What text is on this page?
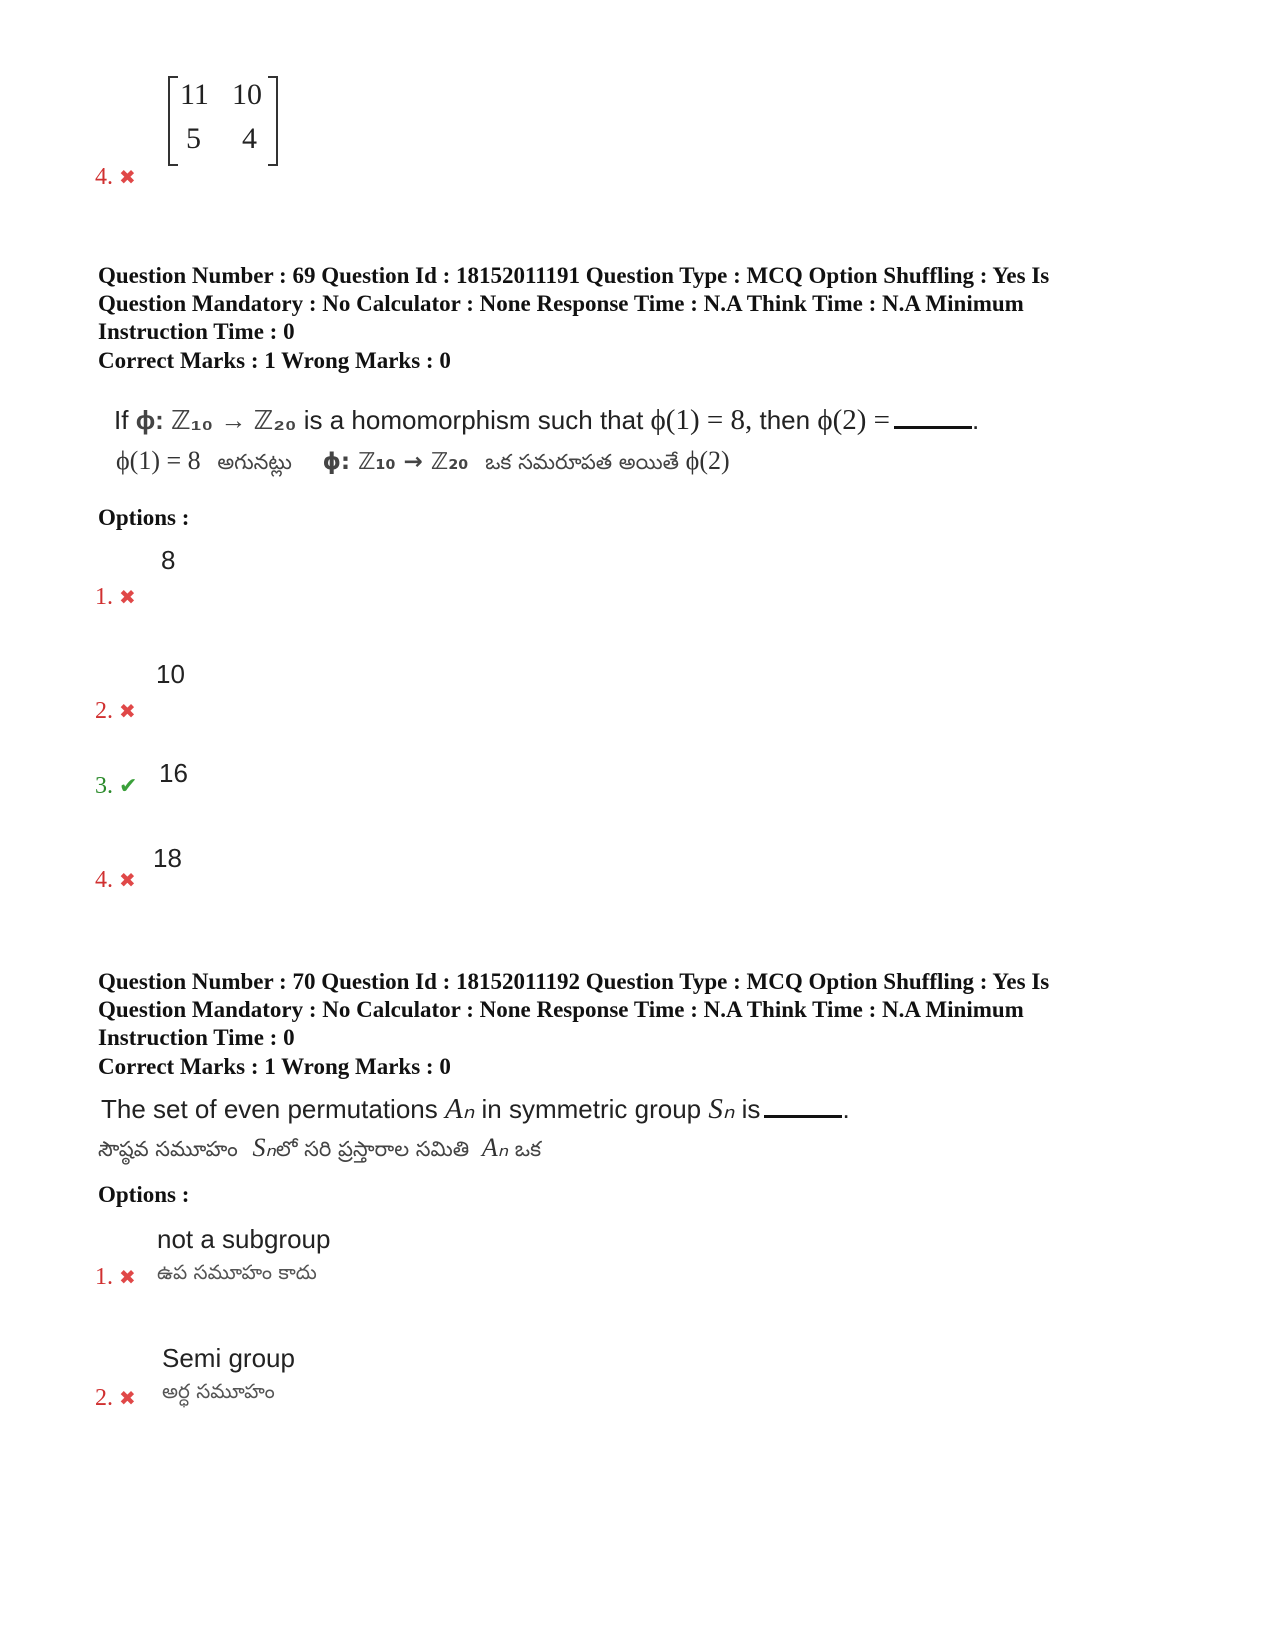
11 10
5 4
4. ✖
Question Number : 69 Question Id : 18152011191 Question Type : MCQ Option Shuffling : Yes Is
Question Mandatory : No Calculator : None Response Time : N.A Think Time : N.A Minimum
Instruction Time : 0
Correct Marks : 1 Wrong Marks : 0
If ϕ: ℤ₁₀ → ℤ₂₀ is a homomorphism such that ϕ(1) = 8, then ϕ(2) =	.
ϕ(1) = 8 అగునట్లు ϕ: ℤ₁₀ → ℤ₂₀ ఒక సమరూపత అయితే ϕ(2)
Options :
8
1. ✖
10
2. ✖
3. ✔ 16
18
4. ✖
Question Number : 70 Question Id : 18152011192 Question Type : MCQ Option Shuffling : Yes Is
Question Mandatory : No Calculator : None Response Time : N.A Think Time : N.A Minimum
Instruction Time : 0
Correct Marks : 1 Wrong Marks : 0
The set of even permutations Aₙ in symmetric group Sₙ is	.
సౌష్ఠవ సమూహం Sₙలో సరి ప్రస్తారాల సమితి Aₙ ఒక
Options :
not a subgroup
ఉప సమూహం కాదు
1. ✖
Semi group
అర్ధ సమూహం
2. ✖
